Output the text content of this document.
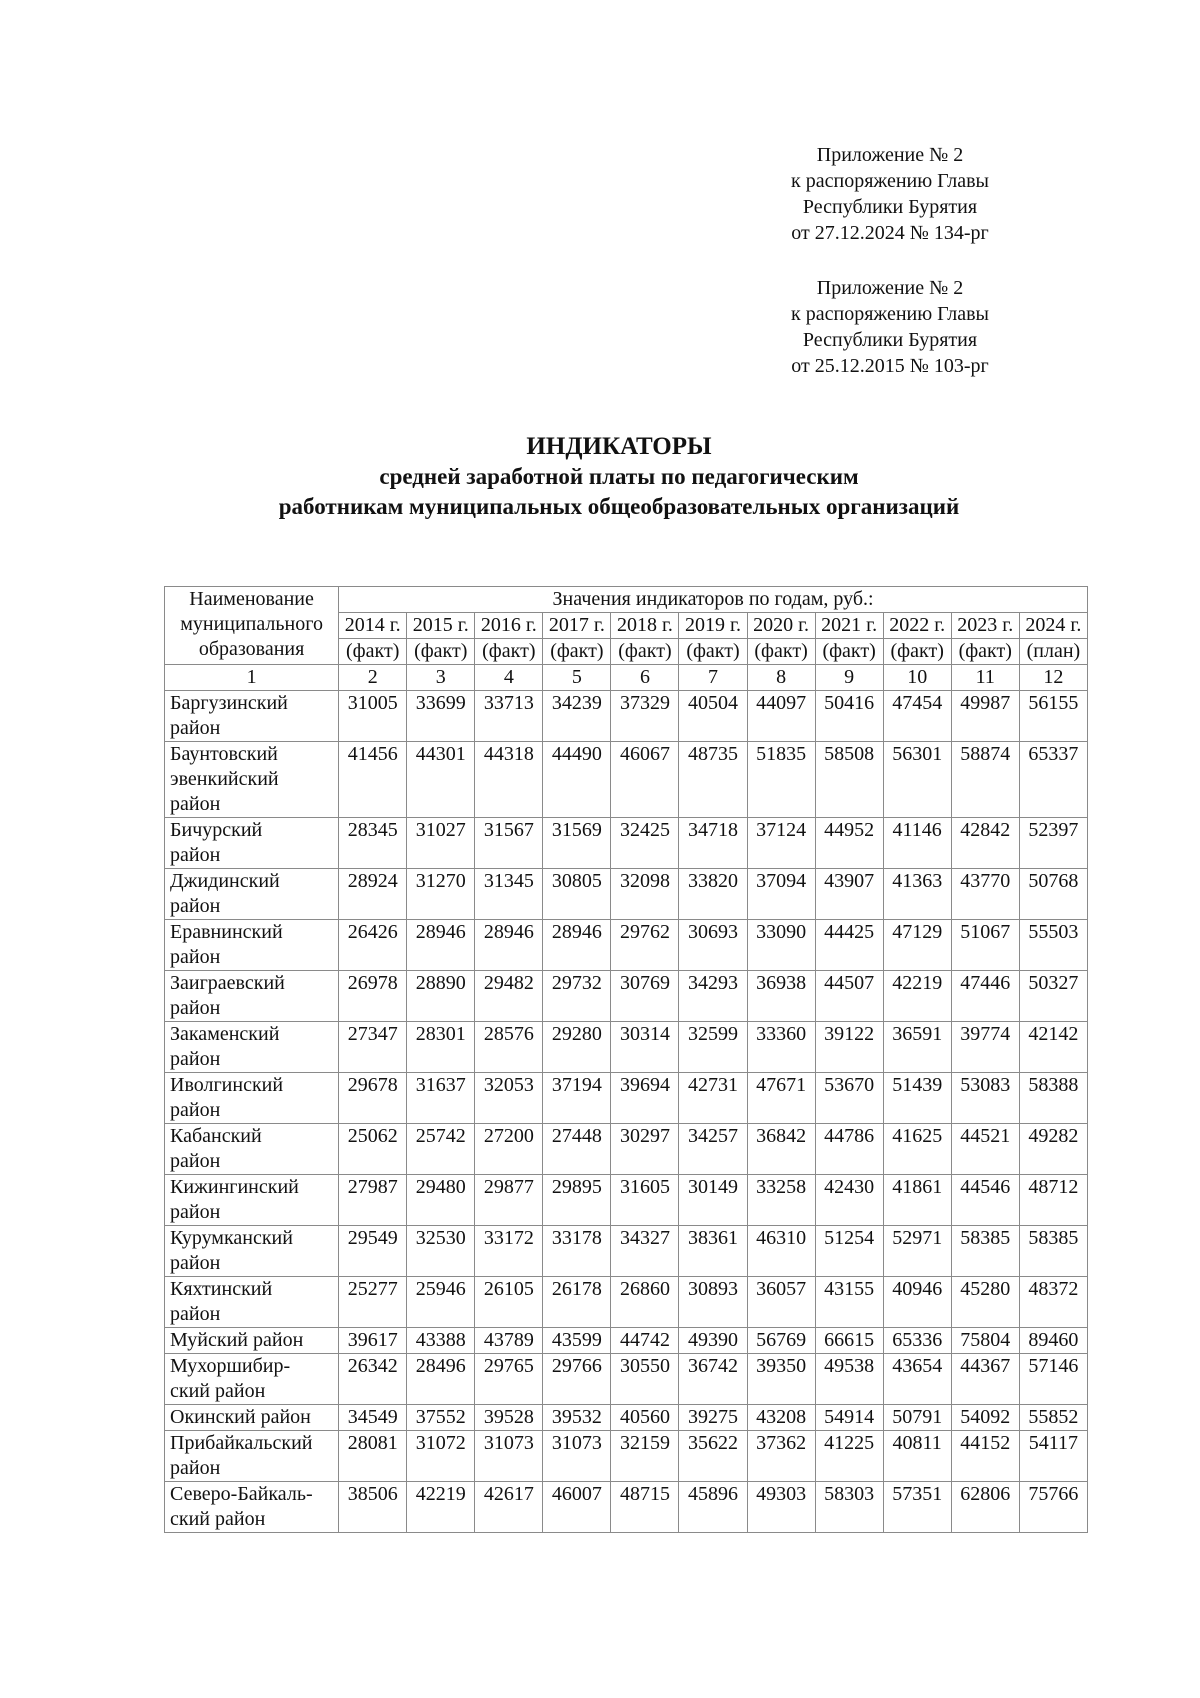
Приложение № 2
к распоряжению Главы
Республики Бурятия
от 27.12.2024 № 134-рг
Приложение № 2
к распоряжению Главы
Республики Бурятия
от 25.12.2015 № 103-рг
ИНДИКАТОРЫ
средней заработной платы по педагогическим
работникам муниципальных общеобразовательных организаций
Наименование
муниципального
образования	Значения индикаторов по годам, руб.:										
	2014 г.	2015 г.	2016 г.	2017 г.	2018 г.	2019 г.	2020 г.	2021 г.	2022 г.	2023 г.	2024 г.
	(факт)	(факт)	(факт)	(факт)	(факт)	(факт)	(факт)	(факт)	(факт)	(факт)	(план)
1	2	3	4	5	6	7	8	9	10	11	12

Баргузинский
район	31005	33699	33713	34239	37329	40504	44097	50416	47454	49987	56155

Баунтовский
эвенкийский
район	41456	44301	44318	44490	46067	48735	51835	58508	56301	58874	65337

Бичурский
район	28345	31027	31567	31569	32425	34718	37124	44952	41146	42842	52397

Джидинский
район	28924	31270	31345	30805	32098	33820	37094	43907	41363	43770	50768

Еравнинский
район	26426	28946	28946	28946	29762	30693	33090	44425	47129	51067	55503

Заиграевский
район	26978	28890	29482	29732	30769	34293	36938	44507	42219	47446	50327

Закаменский
район	27347	28301	28576	29280	30314	32599	33360	39122	36591	39774	42142

Иволгинский
район	29678	31637	32053	37194	39694	42731	47671	53670	51439	53083	58388

Кабанский
район	25062	25742	27200	27448	30297	34257	36842	44786	41625	44521	49282

Кижингинский
район	27987	29480	29877	29895	31605	30149	33258	42430	41861	44546	48712

Курумканский
район	29549	32530	33172	33178	34327	38361	46310	51254	52971	58385	58385

Кяхтинский
район	25277	25946	26105	26178	26860	30893	36057	43155	40946	45280	48372

Муйский район	39617	43388	43789	43599	44742	49390	56769	66615	65336	75804	89460

Мухоршибир-
ский район	26342	28496	29765	29766	30550	36742	39350	49538	43654	44367	57146

Окинский район	34549	37552	39528	39532	40560	39275	43208	54914	50791	54092	55852

Прибайкальский
район	28081	31072	31073	31073	32159	35622	37362	41225	40811	44152	54117

Северо-Байкаль-
ский район	38506	42219	42617	46007	48715	45896	49303	58303	57351	62806	75766
